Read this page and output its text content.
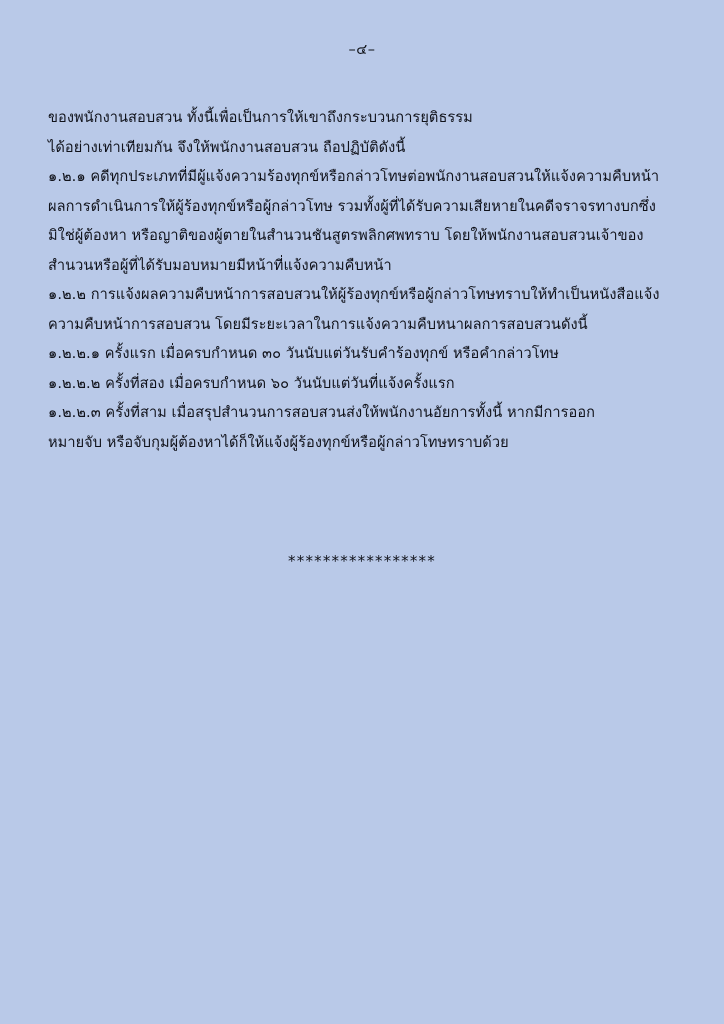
–๔–
ของพนักงานสอบสวน ทั้งนี้เพื่อเป็นการให้เขาถึงกระบวนการยุติธรรม
ได้อย่างเท่าเทียมกัน จึงให้พนักงานสอบสวน ถือปฏิบัติดังนี้
๑.๒.๑ คดีทุกประเภทที่มีผู้แจ้งความร้องทุกข์หรือกล่าวโทษต่อพนักงานสอบสวนให้แจ้งความคืบหน้า
ผลการดำเนินการให้ผู้ร้องทุกข์หรือผู้กล่าวโทษ รวมทั้งผู้ที่ได้รับความเสียหายในคดีจราจรทางบกซึ่ง
มิใช่ผู้ต้องหา หรือญาติของผู้ตายในสำนวนชันสูตรพลิกศพทราบ โดยให้พนักงานสอบสวนเจ้าของ
สำนวนหรือผู้ที่ได้รับมอบหมายมีหน้าที่แจ้งความคืบหน้า
๑.๒.๒ การแจ้งผลความคืบหน้าการสอบสวนให้ผู้ร้องทุกข์หรือผู้กล่าวโทษทราบให้ทำเป็นหนังสือแจ้ง
ความคืบหน้าการสอบสวน โดยมีระยะเวลาในการแจ้งความคืบหนาผลการสอบสวนดังนี้
๑.๒.๒.๑ ครั้งแรก เมื่อครบกำหนด ๓๐ วันนับแต่วันรับคำร้องทุกข์ หรือคำกล่าวโทษ
๑.๒.๒.๒ ครั้งที่สอง เมื่อครบกำหนด ๖๐ วันนับแต่วันที่แจ้งครั้งแรก
๑.๒.๒.๓ ครั้งที่สาม เมื่อสรุปสำนวนการสอบสวนส่งให้พนักงานอัยการทั้งนี้ หากมีการออก
หมายจับ หรือจับกุมผู้ต้องหาได้ก็ให้แจ้งผู้ร้องทุกข์หรือผู้กล่าวโทษทราบด้วย
*****************
